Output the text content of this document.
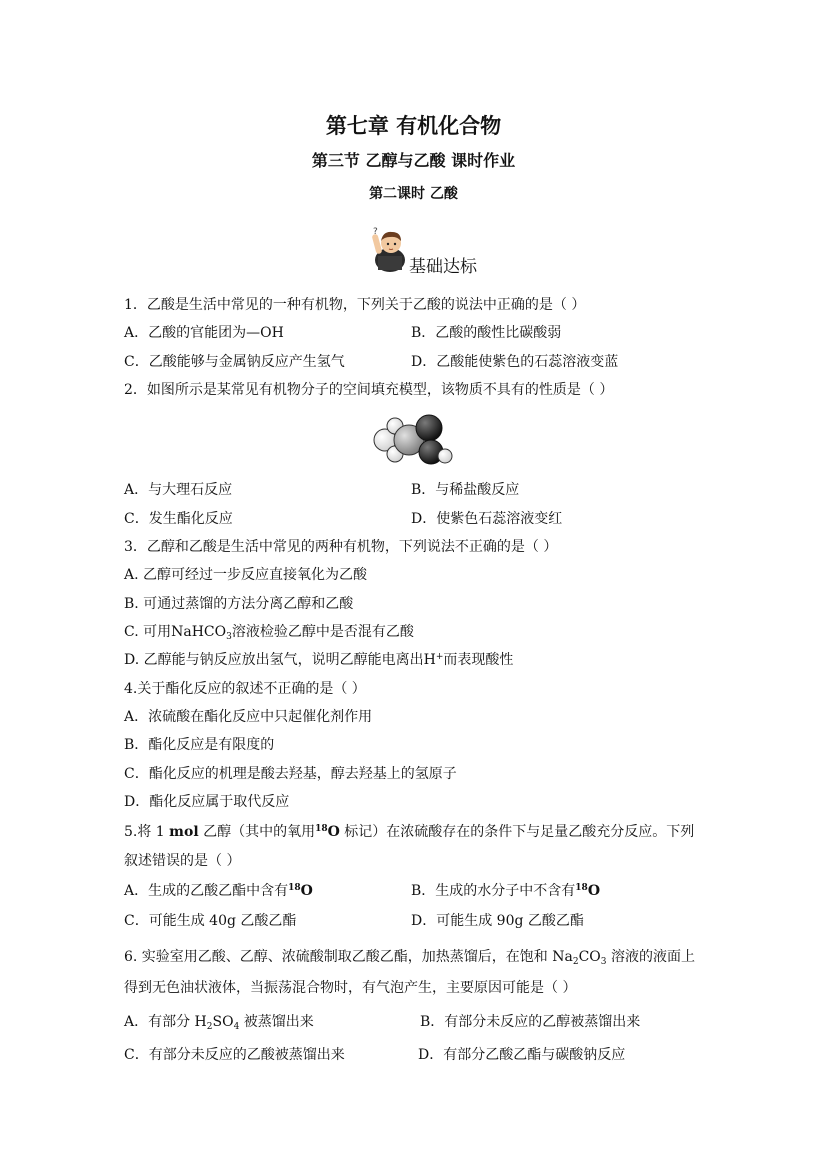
第七章 有机化合物
第三节 乙醇与乙酸 课时作业
第二课时 乙酸
?
基础达标
1．乙酸是生活中常见的一种有机物，下列关于乙酸的说法中正确的是（ ）
A．乙酸的官能团为—OH	B．乙酸的酸性比碳酸弱
C．乙酸能够与金属钠反应产生氢气	D．乙酸能使紫色的石蕊溶液变蓝
2．如图所示是某常见有机物分子的空间填充模型，该物质不具有的性质是（ ）
A．与大理石反应	B．与稀盐酸反应
C．发生酯化反应	D．使紫色石蕊溶液变红
3．乙醇和乙酸是生活中常见的两种有机物，下列说法不正确的是（ ）
A. 乙醇可经过一步反应直接氧化为乙酸
B. 可通过蒸馏的方法分离乙醇和乙酸
C. 可用NaHCO$_3$溶液检验乙醇中是否混有乙酸
D. 乙醇能与钠反应放出氢气，说明乙醇能电离出H+而表现酸性
4.关于酯化反应的叙述不正确的是（ ）
A．浓硫酸在酯化反应中只起催化剂作用
B．酯化反应是有限度的
C．酯化反应的机理是酸去羟基，醇去羟基上的氢原子
D．酯化反应属于取代反应
5.将 1 mol 乙醇（其中的氧用$^{18}$O 标记）在浓硫酸存在的条件下与足量乙酸充分反应。下列
叙述错误的是（ ）
A．生成的乙酸乙酯中含有$^{18}$O	B．生成的水分子中不含有$^{18}$O
C．可能生成 40g 乙酸乙酯	D．可能生成 90g 乙酸乙酯
6. 实验室用乙酸、乙醇、浓硫酸制取乙酸乙酯，加热蒸馏后，在饱和 $Na_2CO_3$ 溶液的液面上
得到无色油状液体，当振荡混合物时，有气泡产生，主要原因可能是（ ）
A．有部分 $H_2SO_4$ 被蒸馏出来	B．有部分未反应的乙醇被蒸馏出来
C．有部分未反应的乙酸被蒸馏出来	D．有部分乙酸乙酯与碳酸钠反应
